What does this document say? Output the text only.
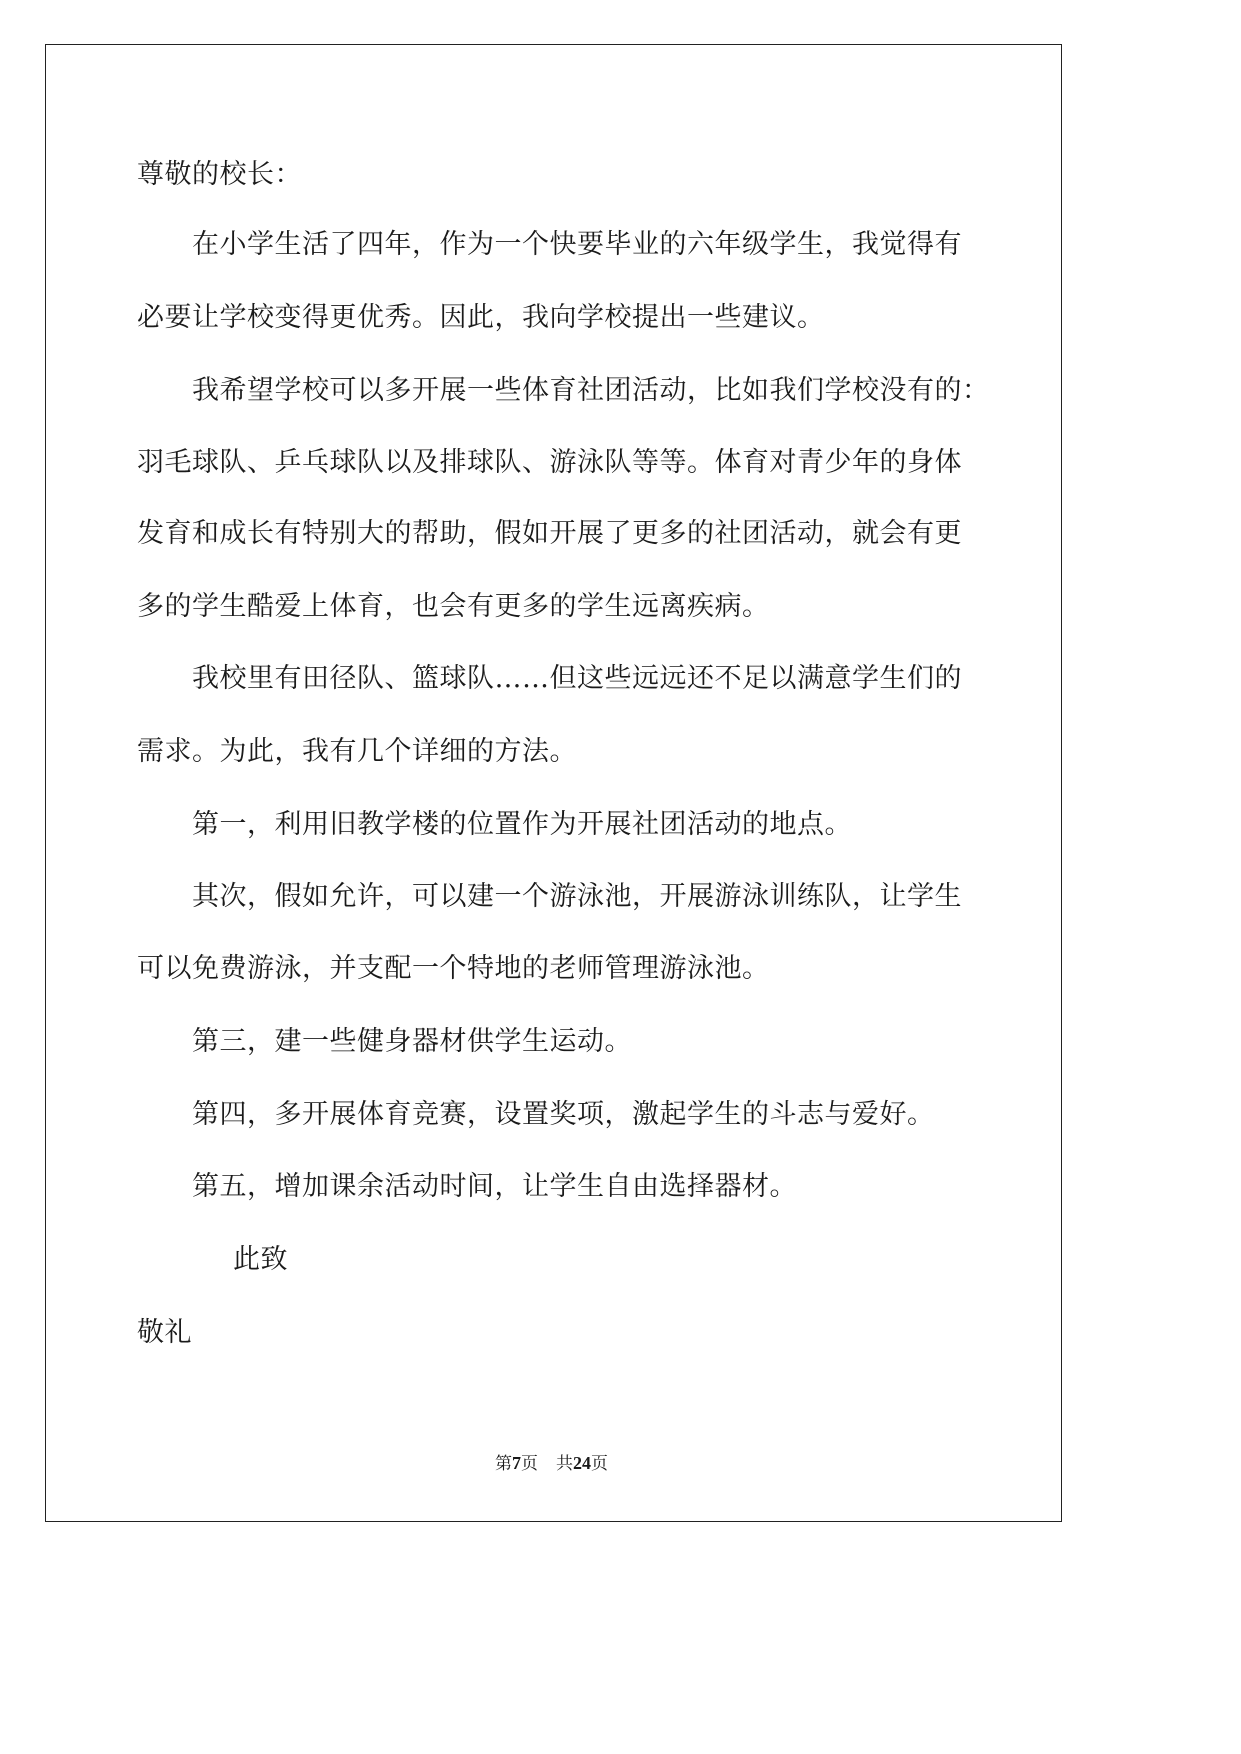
尊敬的校长：
在小学生活了四年，作为一个快要毕业的六年级学生，我觉得有
必要让学校变得更优秀。因此，我向学校提出一些建议。
我希望学校可以多开展一些体育社团活动，比如我们学校没有的：
羽毛球队、乒乓球队以及排球队、游泳队等等。体育对青少年的身体
发育和成长有特别大的帮助，假如开展了更多的社团活动，就会有更
多的学生酷爱上体育，也会有更多的学生远离疾病。
我校里有田径队、篮球队……但这些远远还不足以满意学生们的
需求。为此，我有几个详细的方法。
第一，利用旧教学楼的位置作为开展社团活动的地点。
其次，假如允许，可以建一个游泳池，开展游泳训练队，让学生
可以免费游泳，并支配一个特地的老师管理游泳池。
第三，建一些健身器材供学生运动。
第四，多开展体育竞赛，设置奖项，激起学生的斗志与爱好。
第五，增加课余活动时间，让学生自由选择器材。
此致
敬礼
第7页 共24页
